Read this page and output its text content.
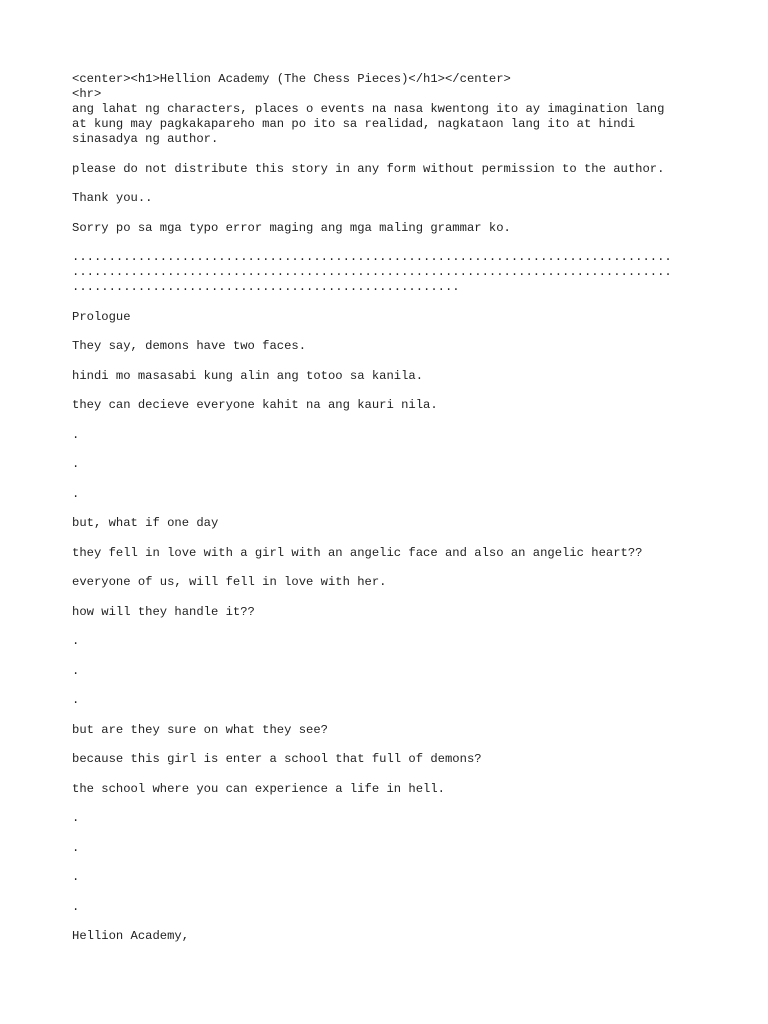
<center><h1>Hellion Academy (The Chess Pieces)</h1></center>

<hr>

ang lahat ng characters, places o events na nasa kwentong ito ay imagination lang

at kung may pagkakapareho man po ito sa realidad, nagkataon lang ito at hindi

sinasadya ng author.

please do not distribute this story in any form without permission to the author.

Thank you..

Sorry po sa mga typo error maging ang mga maling grammar ko.

..................................................................................

..................................................................................

.....................................................

Prologue

They say, demons have two faces.

hindi mo masasabi kung alin ang totoo sa kanila.

they can decieve everyone kahit na ang kauri nila.

.

.

.

but, what if one day

they fell in love with a girl with an angelic face and also an angelic heart??

everyone of us, will fell in love with her.

how will they handle it??

.

.

.

but are they sure on what they see?

because this girl is enter a school that full of demons?

the school where you can experience a life in hell.

.

.

.

.

Hellion Academy,
